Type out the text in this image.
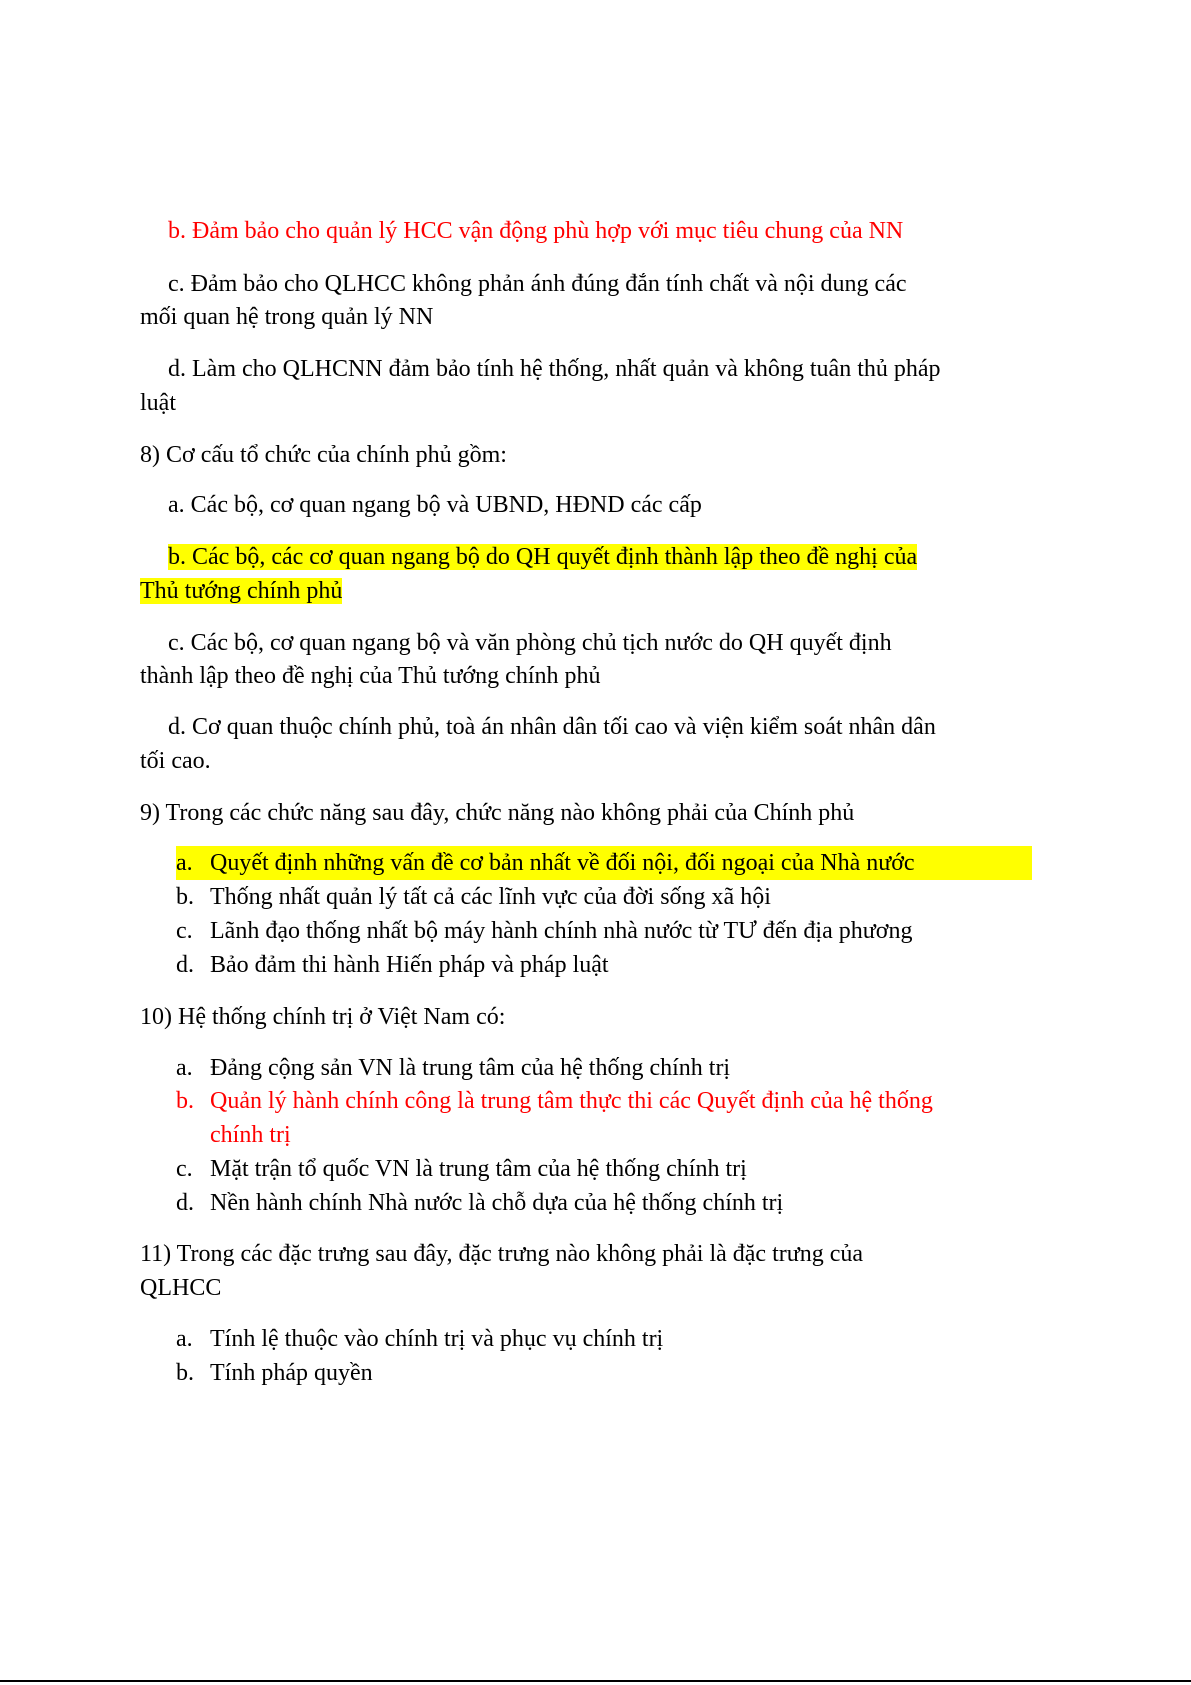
b. Đảm bảo cho quản lý HCC vận động phù hợp với mục tiêu chung của NN
c. Đảm bảo cho QLHCC không phản ánh đúng đắn tính chất và nội dung các
mối quan hệ trong quản lý NN
d. Làm cho QLHCNN đảm bảo tính hệ thống, nhất quản và không tuân thủ pháp
luật
8) Cơ cấu tổ chức của chính phủ gồm:
a. Các bộ, cơ quan ngang bộ và UBND, HĐND các cấp
b. Các bộ, các cơ quan ngang bộ do QH quyết định thành lập theo đề nghị của
Thủ tướng chính phủ
c. Các bộ, cơ quan ngang bộ và văn phòng chủ tịch nước do QH quyết định
thành lập theo đề nghị của Thủ tướng chính phủ
d. Cơ quan thuộc chính phủ, toà án nhân dân tối cao và viện kiểm soát nhân dân
tối cao.
9) Trong các chức năng sau đây, chức năng nào không phải của Chính phủ
a. Quyết định những vấn đề cơ bản nhất về đối nội, đối ngoại của Nhà nước
b. Thống nhất quản lý tất cả các lĩnh vực của đời sống xã hội
c. Lãnh đạo thống nhất bộ máy hành chính nhà nước từ TƯ đến địa phương
d. Bảo đảm thi hành Hiến pháp và pháp luật
10) Hệ thống chính trị ở Việt Nam có:
a. Đảng cộng sản VN là trung tâm của hệ thống chính trị
b. Quản lý hành chính công là trung tâm thực thi các Quyết định của hệ thống
chính trị
c. Mặt trận tổ quốc VN là trung tâm của hệ thống chính trị
d. Nền hành chính Nhà nước là chỗ dựa của hệ thống chính trị
11) Trong các đặc trưng sau đây, đặc trưng nào không phải là đặc trưng của
QLHCC
a. Tính lệ thuộc vào chính trị và phục vụ chính trị
b. Tính pháp quyền
